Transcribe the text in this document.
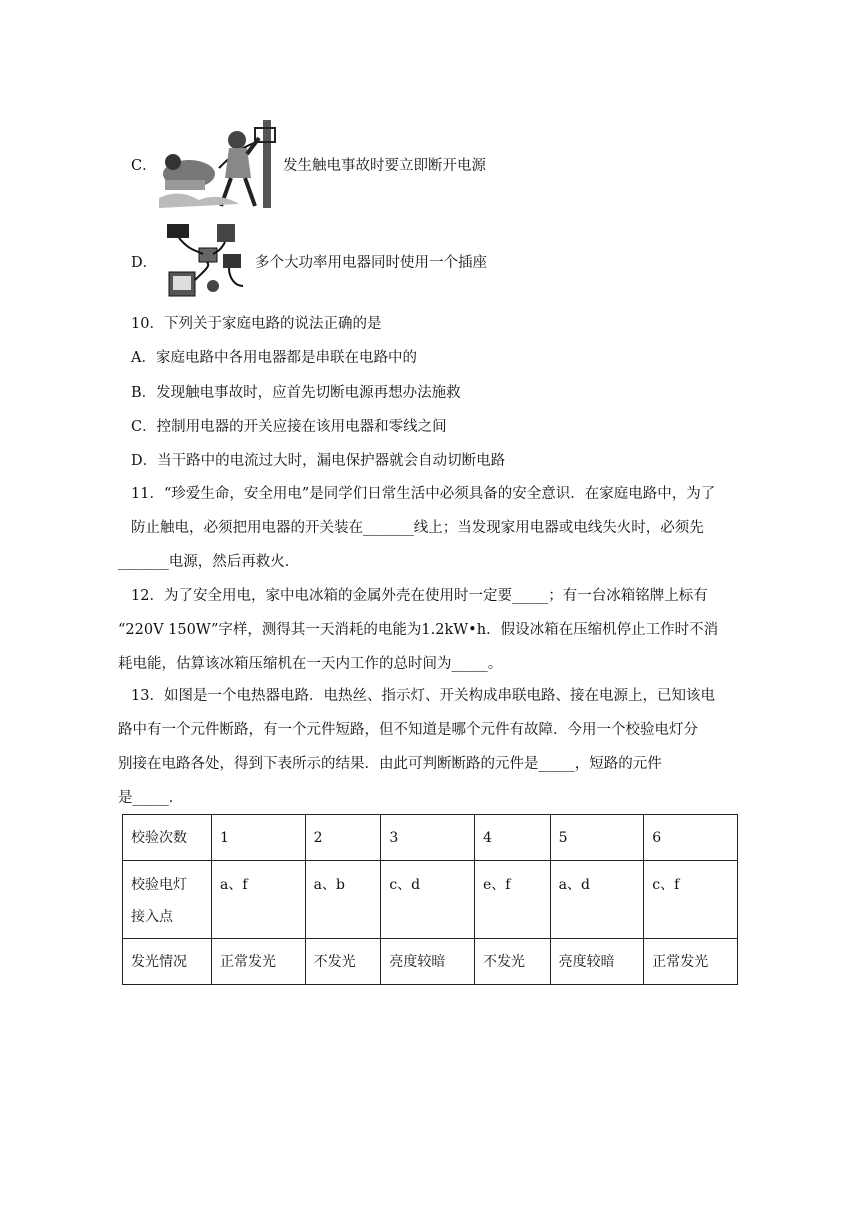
C．	发生触电事故时要立即断开电源
D．	多个大功率用电器同时使用一个插座
10．下列关于家庭电路的说法正确的是
A．家庭电路中各用电器都是串联在电路中的
B．发现触电事故时，应首先切断电源再想办法施救
C．控制用电器的开关应接在该用电器和零线之间
D．当干路中的电流过大时，漏电保护器就会自动切断电路
11．“珍爱生命，安全用电”是同学们日常生活中必须具备的安全意识．在家庭电路中，为了
防止触电，必须把用电器的开关装在_______线上；当发现家用电器或电线失火时，必须先
_______电源，然后再救火．
12．为了安全用电，家中电冰箱的金属外壳在使用时一定要_____；有一台冰箱铭牌上标有
“220V 150W”字样，测得其一天消耗的电能为1.2kW•h．假设冰箱在压缩机停止工作时不消
耗电能，估算该冰箱压缩机在一天内工作的总时间为_____。
13．如图是一个电热器电路．电热丝、指示灯、开关构成串联电路、接在电源上，已知该电
路中有一个元件断路，有一个元件短路，但不知道是哪个元件有故障．今用一个校验电灯分
别接在电路各处，得到下表所示的结果．由此可判断断路的元件是_____，短路的元件
是_____．
校验次数	1	2	3	4	5	6

校验电灯
接入点	a、f	a、b	c、d	e、f	a、d	c、f
发光情况	正常发光	不发光	亮度较暗	不发光	亮度较暗	正常发光
